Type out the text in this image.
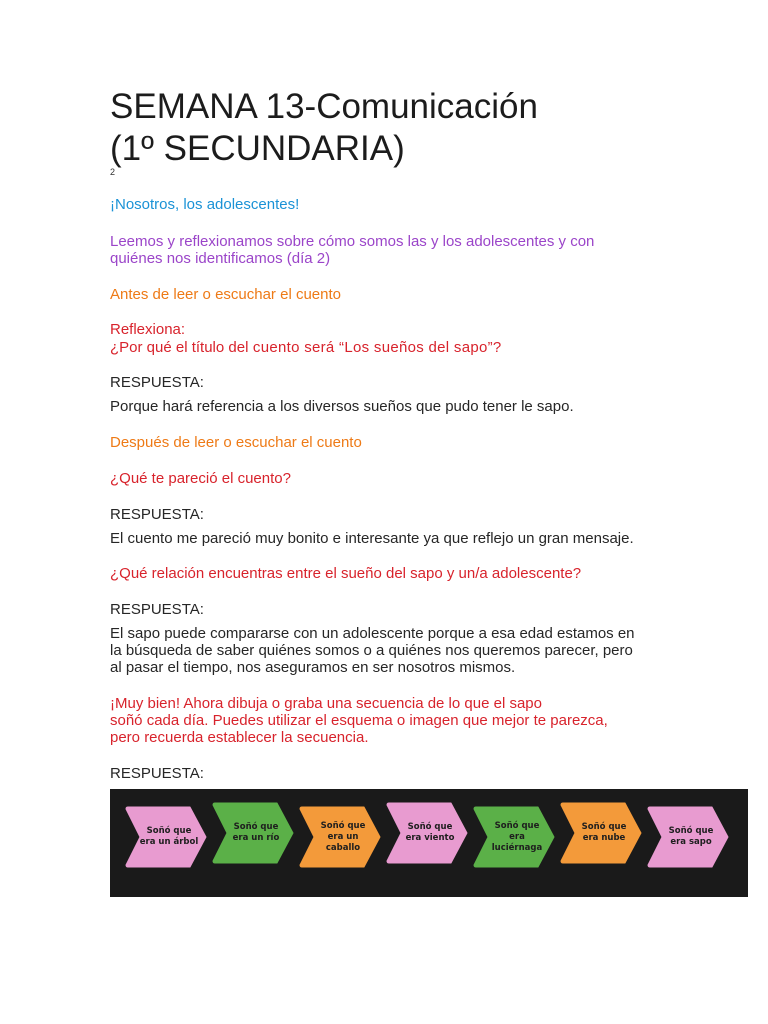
SEMANA 13-Comunicación
(1º SECUNDARIA)
2

¡Nosotros, los adolescentes!

Leemos y reflexionamos sobre cómo somos las y los adolescentes y con
quiénes nos identificamos (día 2)

Antes de leer o escuchar el cuento

Reflexiona:

¿Por qué el título del cuento será “Los sueños del sapo”?

RESPUESTA:

Porque hará referencia a los diversos sueños que pudo tener le sapo.

Después de leer o escuchar el cuento

¿Qué te pareció el cuento?

RESPUESTA:

El cuento me pareció muy bonito e interesante ya que reflejo un gran mensaje.

¿Qué relación encuentras entre el sueño del sapo y un/a adolescente?

RESPUESTA:

El sapo puede compararse con un adolescente porque a esa edad estamos en
la búsqueda de saber quiénes somos o a quiénes nos queremos parecer, pero
al pasar el tiempo, nos aseguramos en ser nosotros mismos.

¡Muy bien! Ahora dibuja o graba una secuencia de lo que el sapo
soñó cada día. Puedes utilizar el esquema o imagen que mejor te parezca,
pero recuerda establecer la secuencia.

RESPUESTA:

Soñó que
era un árbol
Soñó que
era un río
Soñó que
era un caballo
Soñó que
era viento
Soñó que
era luciérnaga
Soñó que
era nube
Soñó que
era sapo
